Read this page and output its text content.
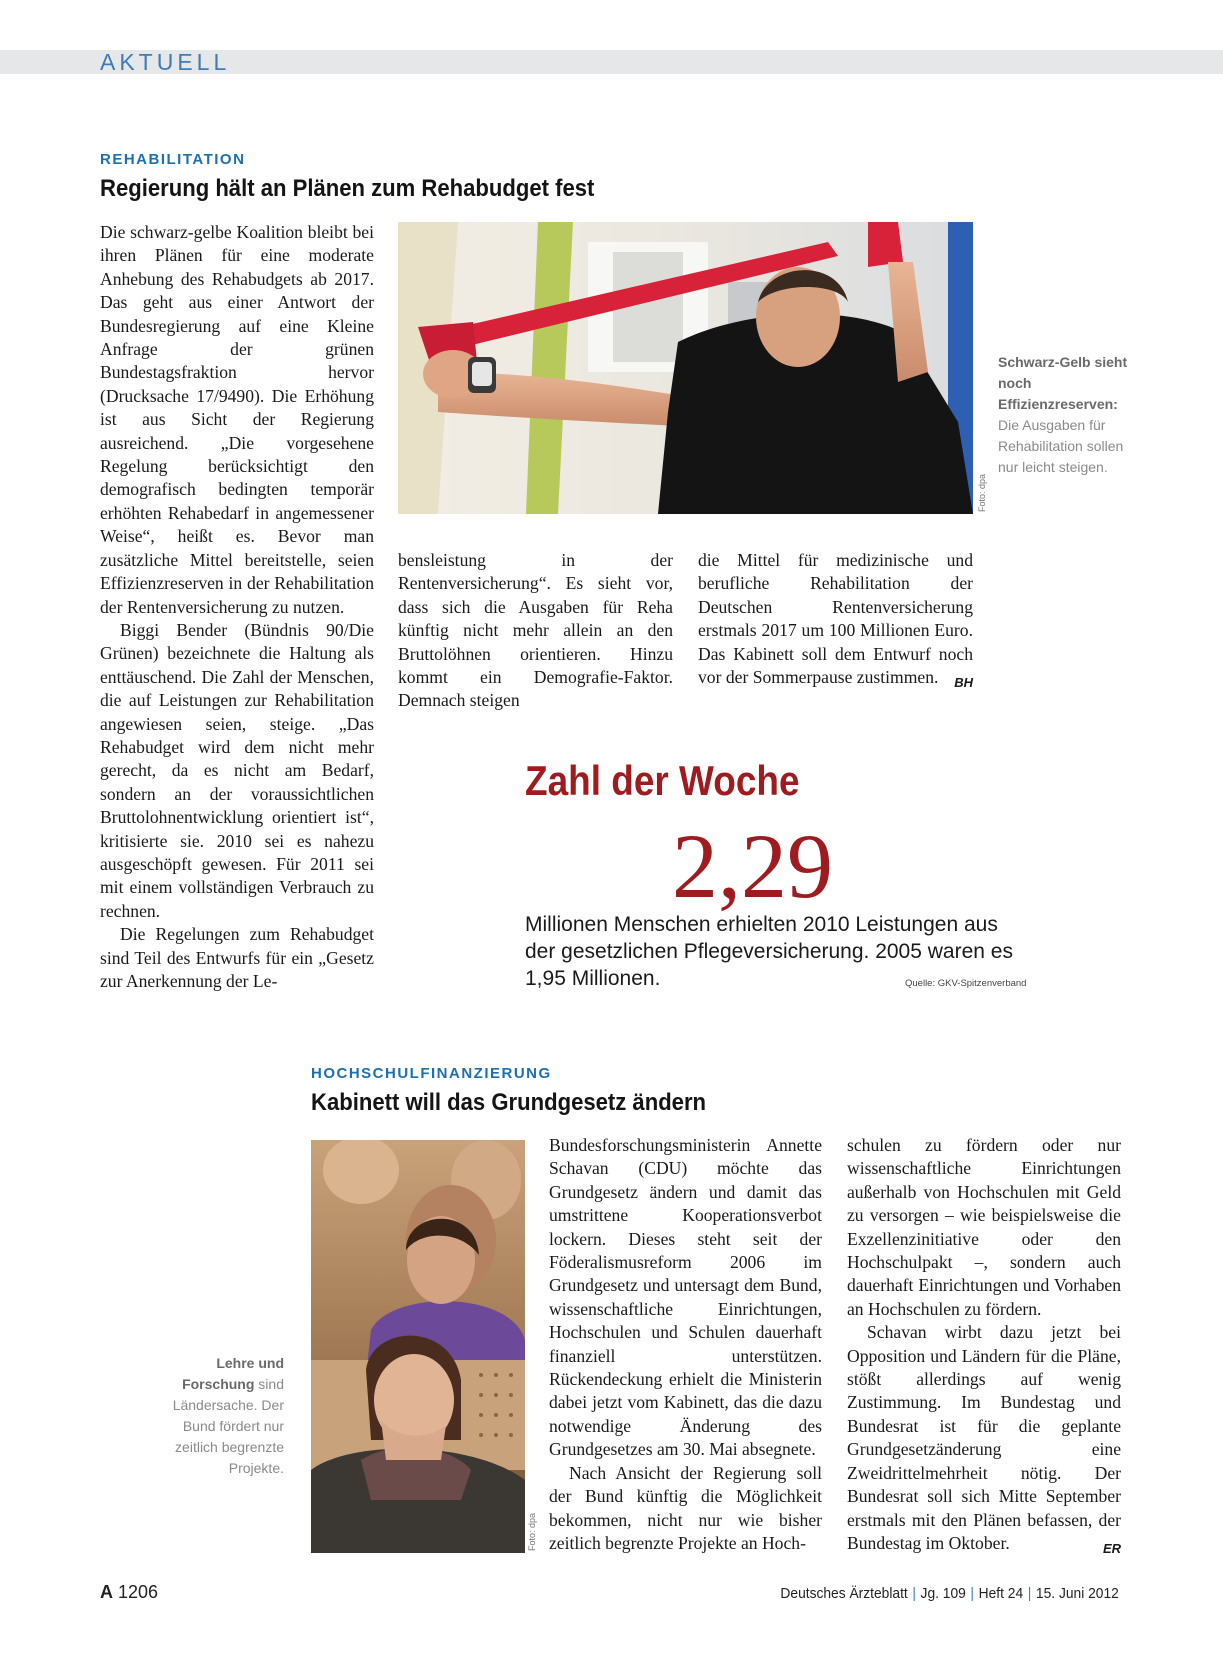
AKTUELL
REHABILITATION
Regierung hält an Plänen zum Rehabudget fest

Die schwarz-gelbe Koalition bleibt bei ihren Plänen für eine moderate Anhebung des Rehabudgets ab 2017. Das geht aus einer Antwort der Bundesregierung auf eine Kleine Anfrage der grünen Bundestagsfraktion hervor (Drucksache 17/9490). Die Erhöhung ist aus Sicht der Regierung ausreichend. „Die vorgesehene Regelung berücksichtigt den demografisch bedingten temporär erhöhten Rehabedarf in angemessener Weise“, heißt es. Bevor man zusätzliche Mittel bereitstelle, seien Effizienzreserven in der Rehabilitation der Rentenversicherung zu nutzen.

Biggi Bender (Bündnis 90/Die Grünen) bezeichnete die Haltung als enttäuschend. Die Zahl der Menschen, die auf Leistungen zur Rehabilitation angewiesen seien, steige. „Das Rehabudget wird dem nicht mehr gerecht, da es nicht am Bedarf, sondern an der voraussichtlichen Bruttolohnentwicklung orientiert ist“, kritisierte sie. 2010 sei es nahezu ausgeschöpft gewesen. Für 2011 sei mit einem vollständigen Verbrauch zu rechnen.

Die Regelungen zum Rehabudget sind Teil des Entwurfs für ein „Gesetz zur Anerkennung der Le-

Foto: dpa
Schwarz-Gelb sieht noch Effizienzreserven: Die Ausgaben für Rehabilitation sollen nur leicht steigen.

bensleistung in der Rentenversicherung“. Es sieht vor, dass sich die Ausgaben für Reha künftig nicht mehr allein an den Bruttolöhnen orientieren. Hinzu kommt ein Demografie-Faktor. Demnach steigen

die Mittel für medizinische und berufliche Rehabilitation der Deutschen Rentenversicherung erstmals 2017 um 100 Millionen Euro. Das Kabinett soll dem Entwurf noch vor der Sommerpause zustimmen. BH

Zahl der Woche
2,29
Millionen Menschen erhielten 2010 Leistungen aus der gesetzlichen Pflegeversicherung. 2005 waren es 1,95 Millionen.	Quelle: GKV-Spitzenverband
HOCHSCHULFINANZIERUNG
Kabinett will das Grundgesetz ändern
Lehre und Forschung sind Ländersache. Der Bund fördert nur zeitlich begrenzte Projekte.
Foto: dpa

Bundesforschungsministerin Annette Schavan (CDU) möchte das Grundgesetz ändern und damit das umstrittene Kooperationsverbot lockern. Dieses steht seit der Föderalismusreform 2006 im Grundgesetz und untersagt dem Bund, wissenschaftliche Einrichtungen, Hochschulen und Schulen dauerhaft finanziell unterstützen. Rückendeckung erhielt die Ministerin dabei jetzt vom Kabinett, das die dazu notwendige Änderung des Grundgesetzes am 30. Mai absegnete.

Nach Ansicht der Regierung soll der Bund künftig die Möglichkeit bekommen, nicht nur wie bisher zeitlich begrenzte Projekte an Hoch-

schulen zu fördern oder nur wissenschaftliche Einrichtungen außerhalb von Hochschulen mit Geld zu versorgen – wie beispielsweise die Exzellenzinitiative oder den Hochschulpakt –, sondern auch dauerhaft Einrichtungen und Vorhaben an Hochschulen zu fördern.

Schavan wirbt dazu jetzt bei Opposition und Ländern für die Pläne, stößt allerdings auf wenig Zustimmung. Im Bundestag und Bundesrat ist für die geplante Grundgesetzänderung eine Zweidrittelmehrheit nötig. Der Bundesrat soll sich Mitte September erstmals mit den Plänen befassen, der Bundestag im Oktober.	ER

A 1206	Deutsches Ärzteblatt | Jg. 109 | Heft 24 | 15. Juni 2012
